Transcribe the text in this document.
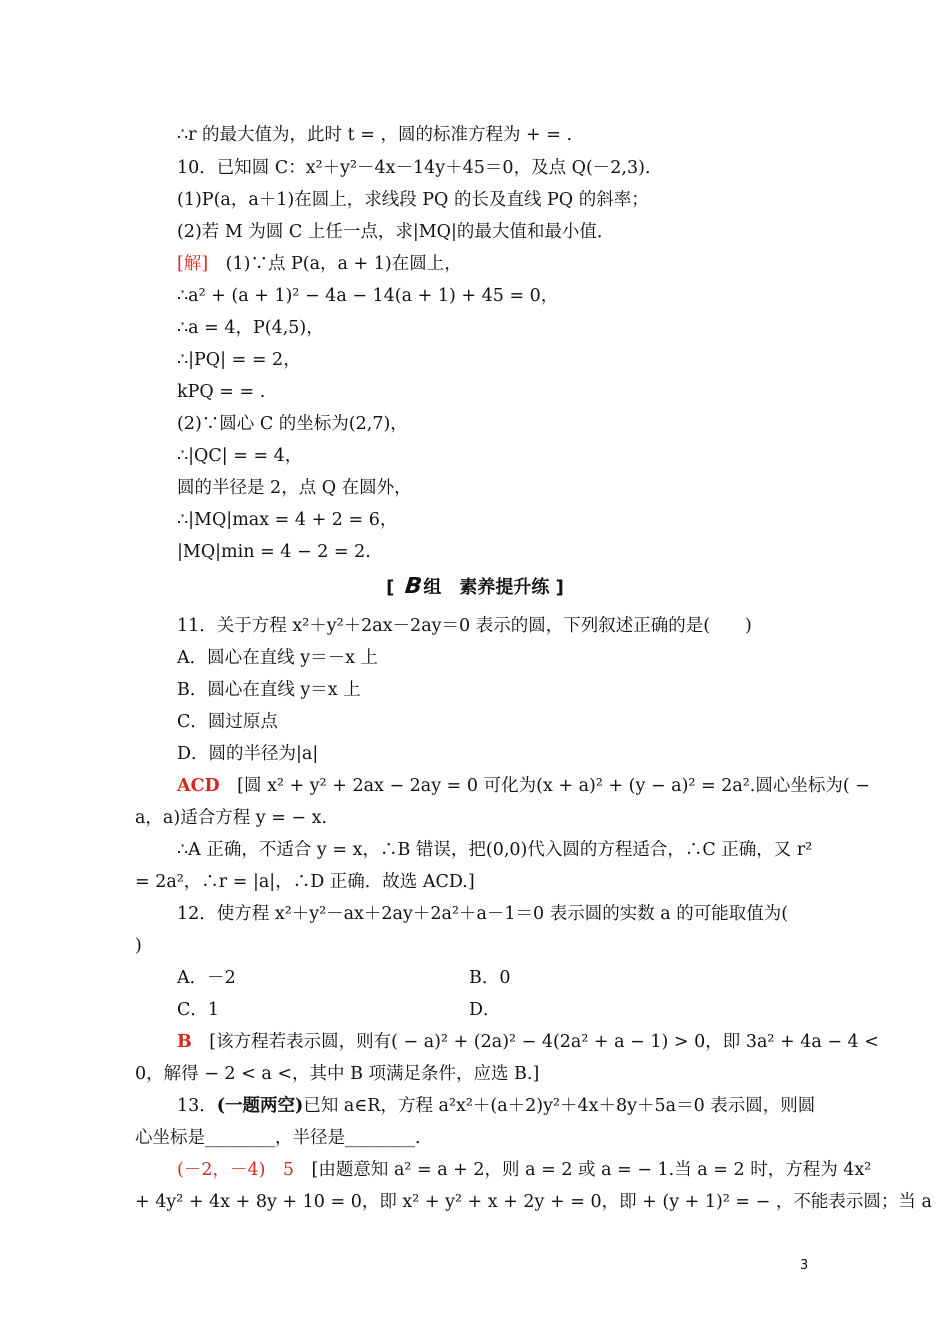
∴r 的最大值为，此时 t = ，圆的标准方程为 + = .
10．已知圆 C：x²＋y²－4x－14y＋45＝0，及点 Q(－2,3)．
(1)P(a，a＋1)在圆上，求线段 PQ 的长及直线 PQ 的斜率；
(2)若 M 为圆 C 上任一点，求|MQ|的最大值和最小值．
∴a² + (a + 1)² − 4a − 14(a + 1) + 45 = 0，
∴a = 4，P(4,5)，
∴|PQ| = = 2，
kPQ = = .
(2)∵圆心 C 的坐标为(2,7)，
∴|QC| = = 4，
圆的半径是 2，点 Q 在圆外，
∴|MQ|max = 4 + 2 = 6，
|MQ|min = 4 − 2 = 2.
11．关于方程 x²＋y²＋2ax－2ay＝0 表示的圆，下列叙述正确的是(　　)
A．圆心在直线 y＝－x 上
B．圆心在直线 y＝x 上
C．圆过原点
D．圆的半径为|a|
a，a)适合方程 y = − x.
∴A 正确，不适合 y = x，∴B 错误，把(0,0)代入圆的方程适合，∴C 正确，又 r²
= 2a²，∴r = |a|，∴D 正确．故选 ACD.]
12．使方程 x²＋y²－ax＋2ay＋2a²＋a－1＝0 表示圆的实数 a 的可能取值为(
)
0，解得 − 2 < a <，其中 B 项满足条件，应选 B.]
心坐标是________，半径是________．
+ 4y² + 4x + 8y + 10 = 0，即 x² + y² + x + 2y + = 0，即 + (y + 1)² = − ，不能表示圆；当 a
[解]　(1)∵点 P(a，a + 1)在圆上，
[ B组　素养提升练 ]
ACD　[圆 x² + y² + 2ax − 2ay = 0 可化为(x + a)² + (y − a)² = 2a².圆心坐标为( −
A．－2	B．0
C．1	D．
B　[该方程若表示圆，则有( − a)² + (2a)² − 4(2a² + a − 1) > 0，即 3a² + 4a − 4 <
13．(一题两空)已知 a∈R，方程 a²x²＋(a＋2)y²＋4x＋8y＋5a＝0 表示圆，则圆
(－2，－4)　5　[由题意知 a² = a + 2，则 a = 2 或 a = − 1.当 a = 2 时，方程为 4x²
3
